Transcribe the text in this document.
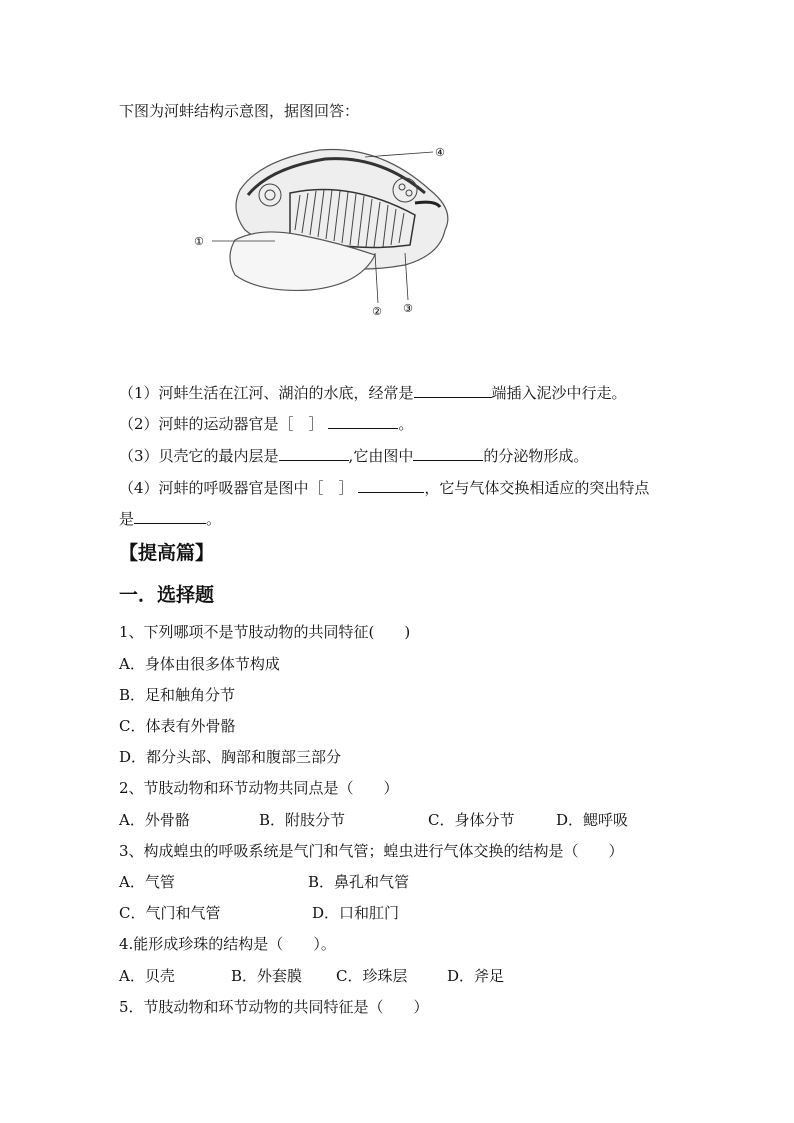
下图为河蚌结构示意图，据图回答：
①
② ③
④
（1）河蚌生活在江河、湖泊的水底，经常是	端插入泥沙中行走。
（2）河蚌的运动器官是［　］	。
（3）贝壳它的最内层是	,它由图中	的分泌物形成。
（4）河蚌的呼吸器官是图中［　］	，它与气体交换相适应的突出特点
是	。
【提高篇】
一．选择题
1、下列哪项不是节肢动物的共同特征(　　)
A．身体由很多体节构成
B．足和触角分节
C．体表有外骨骼
D．都分头部、胸部和腹部三部分
2、节肢动物和环节动物共同点是（　　）
A．外骨骼	B．附肢分节	C．身体分节	D．鳃呼吸
3、构成蝗虫的呼吸系统是气门和气管；蝗虫进行气体交换的结构是（　　）
A．气管	B．鼻孔和气管
C．气门和气管	D．口和肛门
4.能形成珍珠的结构是（　　）。
A．贝壳	B．外套膜 C．珍珠层	D．斧足
5．节肢动物和环节动物的共同特征是（　　）
